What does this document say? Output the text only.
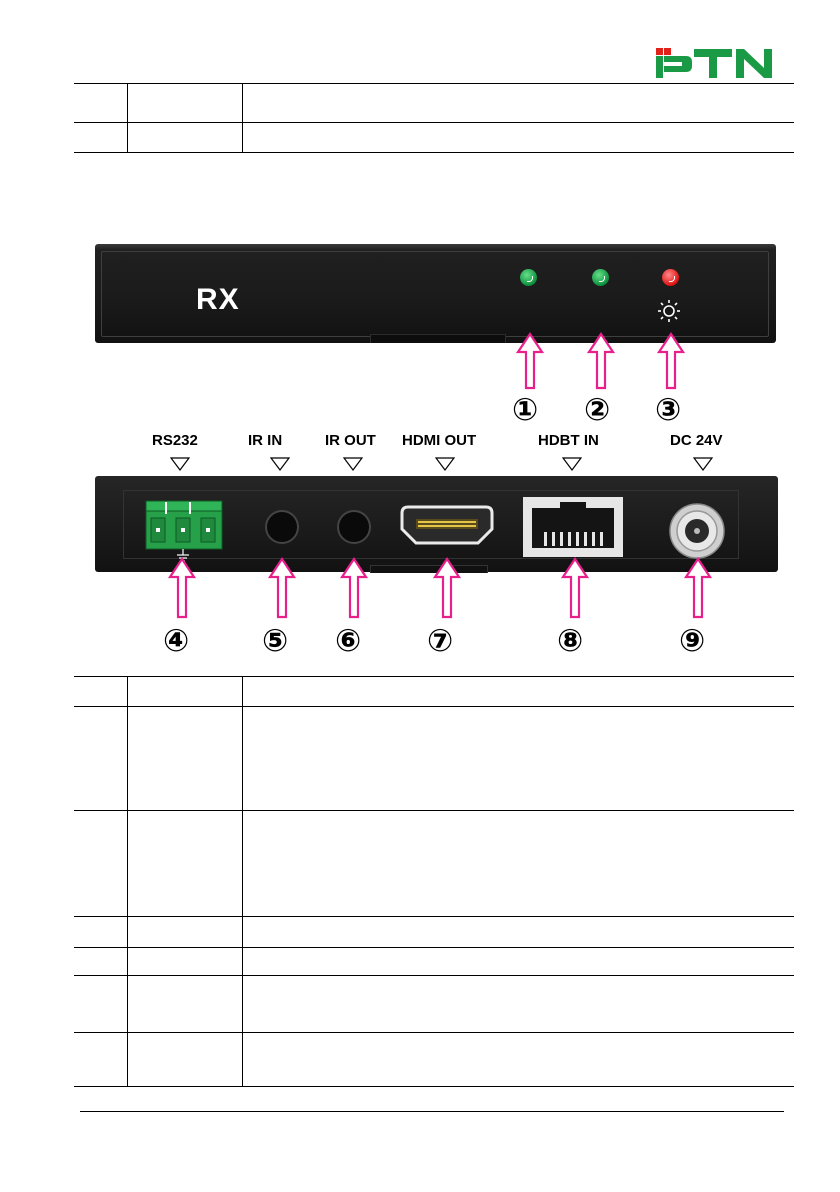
PTN
RX
① ② ③
RS232	IR IN	IR OUT HDMI OUT	HDBT IN	DC 24V
④ ⑤ ⑥ ⑦	⑧	⑨
